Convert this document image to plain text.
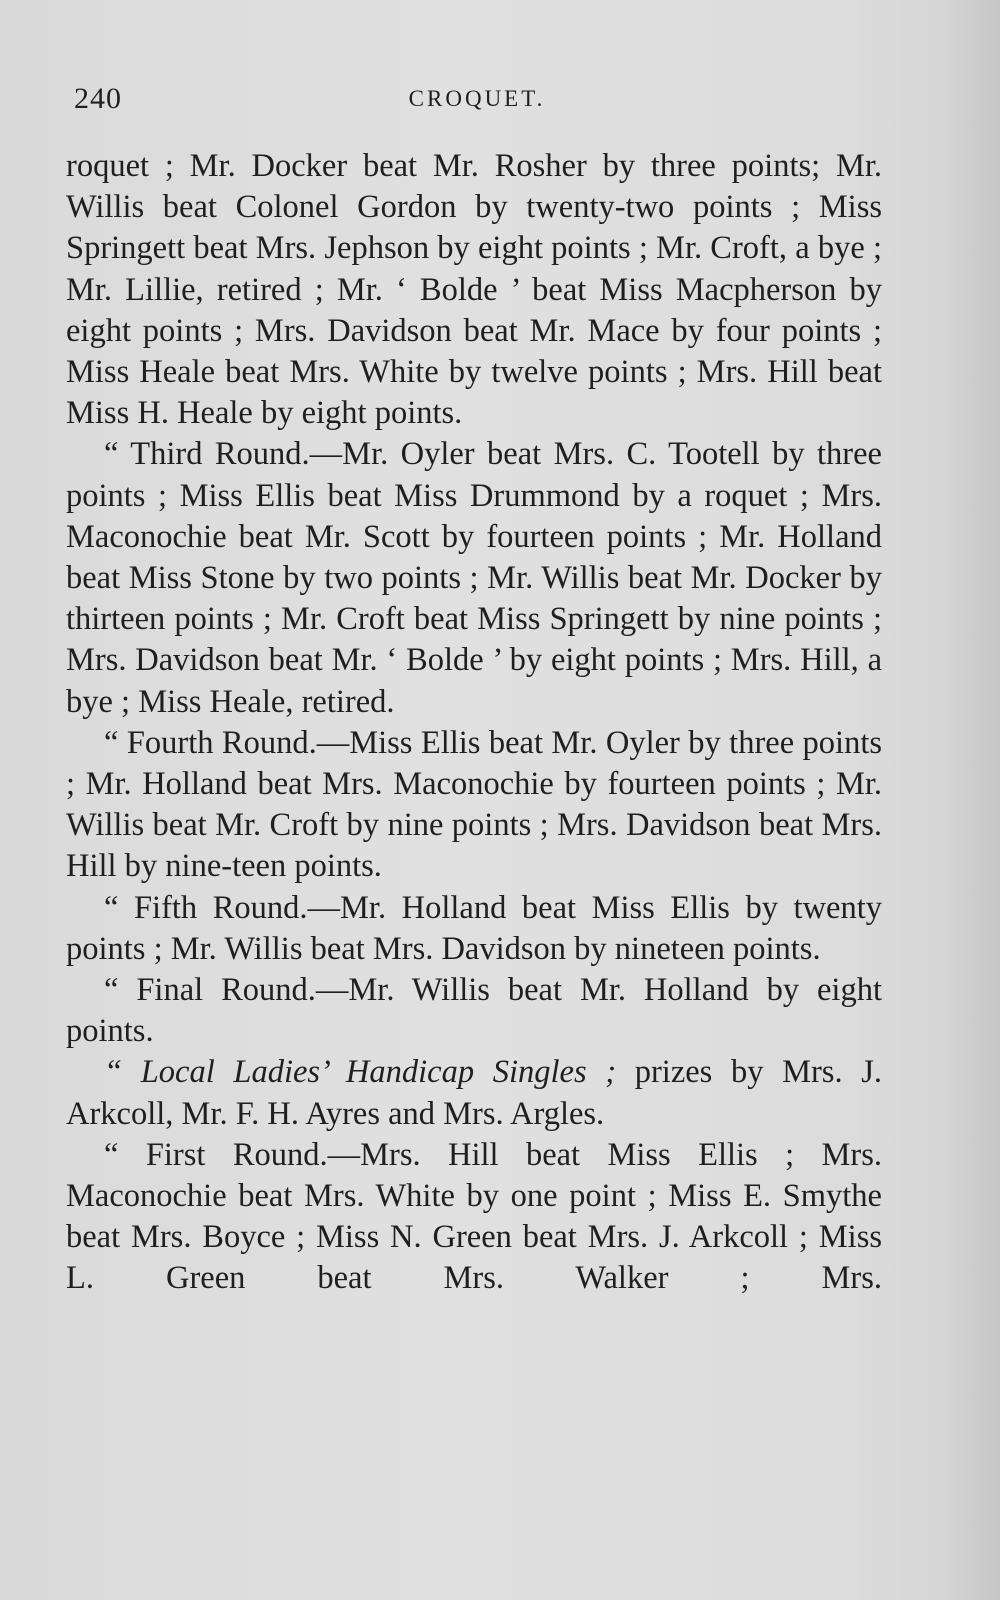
240	CROQUET.

roquet ; Mr. Docker beat Mr. Rosher by three points; Mr. Willis beat Colonel Gordon by twenty-two points ; Miss Springett beat Mrs. Jephson by eight points ; Mr. Croft, a bye ; Mr. Lillie, retired ; Mr. ‘ Bolde ’ beat Miss Macpherson by eight points ; Mrs. Davidson beat Mr. Mace by four points ; Miss Heale beat Mrs. White by twelve points ; Mrs. Hill beat Miss H. Heale by eight points.

“ Third Round.—Mr. Oyler beat Mrs. C. Tootell by three points ; Miss Ellis beat Miss Drummond by a roquet ; Mrs. Maconochie beat Mr. Scott by fourteen points ; Mr. Holland beat Miss Stone by two points ; Mr. Willis beat Mr. Docker by thirteen points ; Mr. Croft beat Miss Springett by nine points ; Mrs. Davidson beat Mr. ‘ Bolde ’ by eight points ; Mrs. Hill, a bye ; Miss Heale, retired.

“ Fourth Round.—Miss Ellis beat Mr. Oyler by three points ; Mr. Holland beat Mrs. Maconochie by fourteen points ; Mr. Willis beat Mr. Croft by nine points ; Mrs. Davidson beat Mrs. Hill by nine-teen points.

“ Fifth Round.—Mr. Holland beat Miss Ellis by twenty points ; Mr. Willis beat Mrs. Davidson by nineteen points.

“ Final Round.—Mr. Willis beat Mr. Holland by eight points.

“ Local Ladies’ Handicap Singles ; prizes by Mrs. J. Arkcoll, Mr. F. H. Ayres and Mrs. Argles.

“ First Round.—Mrs. Hill beat Miss Ellis ; Mrs. Maconochie beat Mrs. White by one point ; Miss E. Smythe beat Mrs. Boyce ; Miss N. Green beat Mrs. J. Arkcoll ; Miss L. Green beat Mrs. Walker ; Mrs.
